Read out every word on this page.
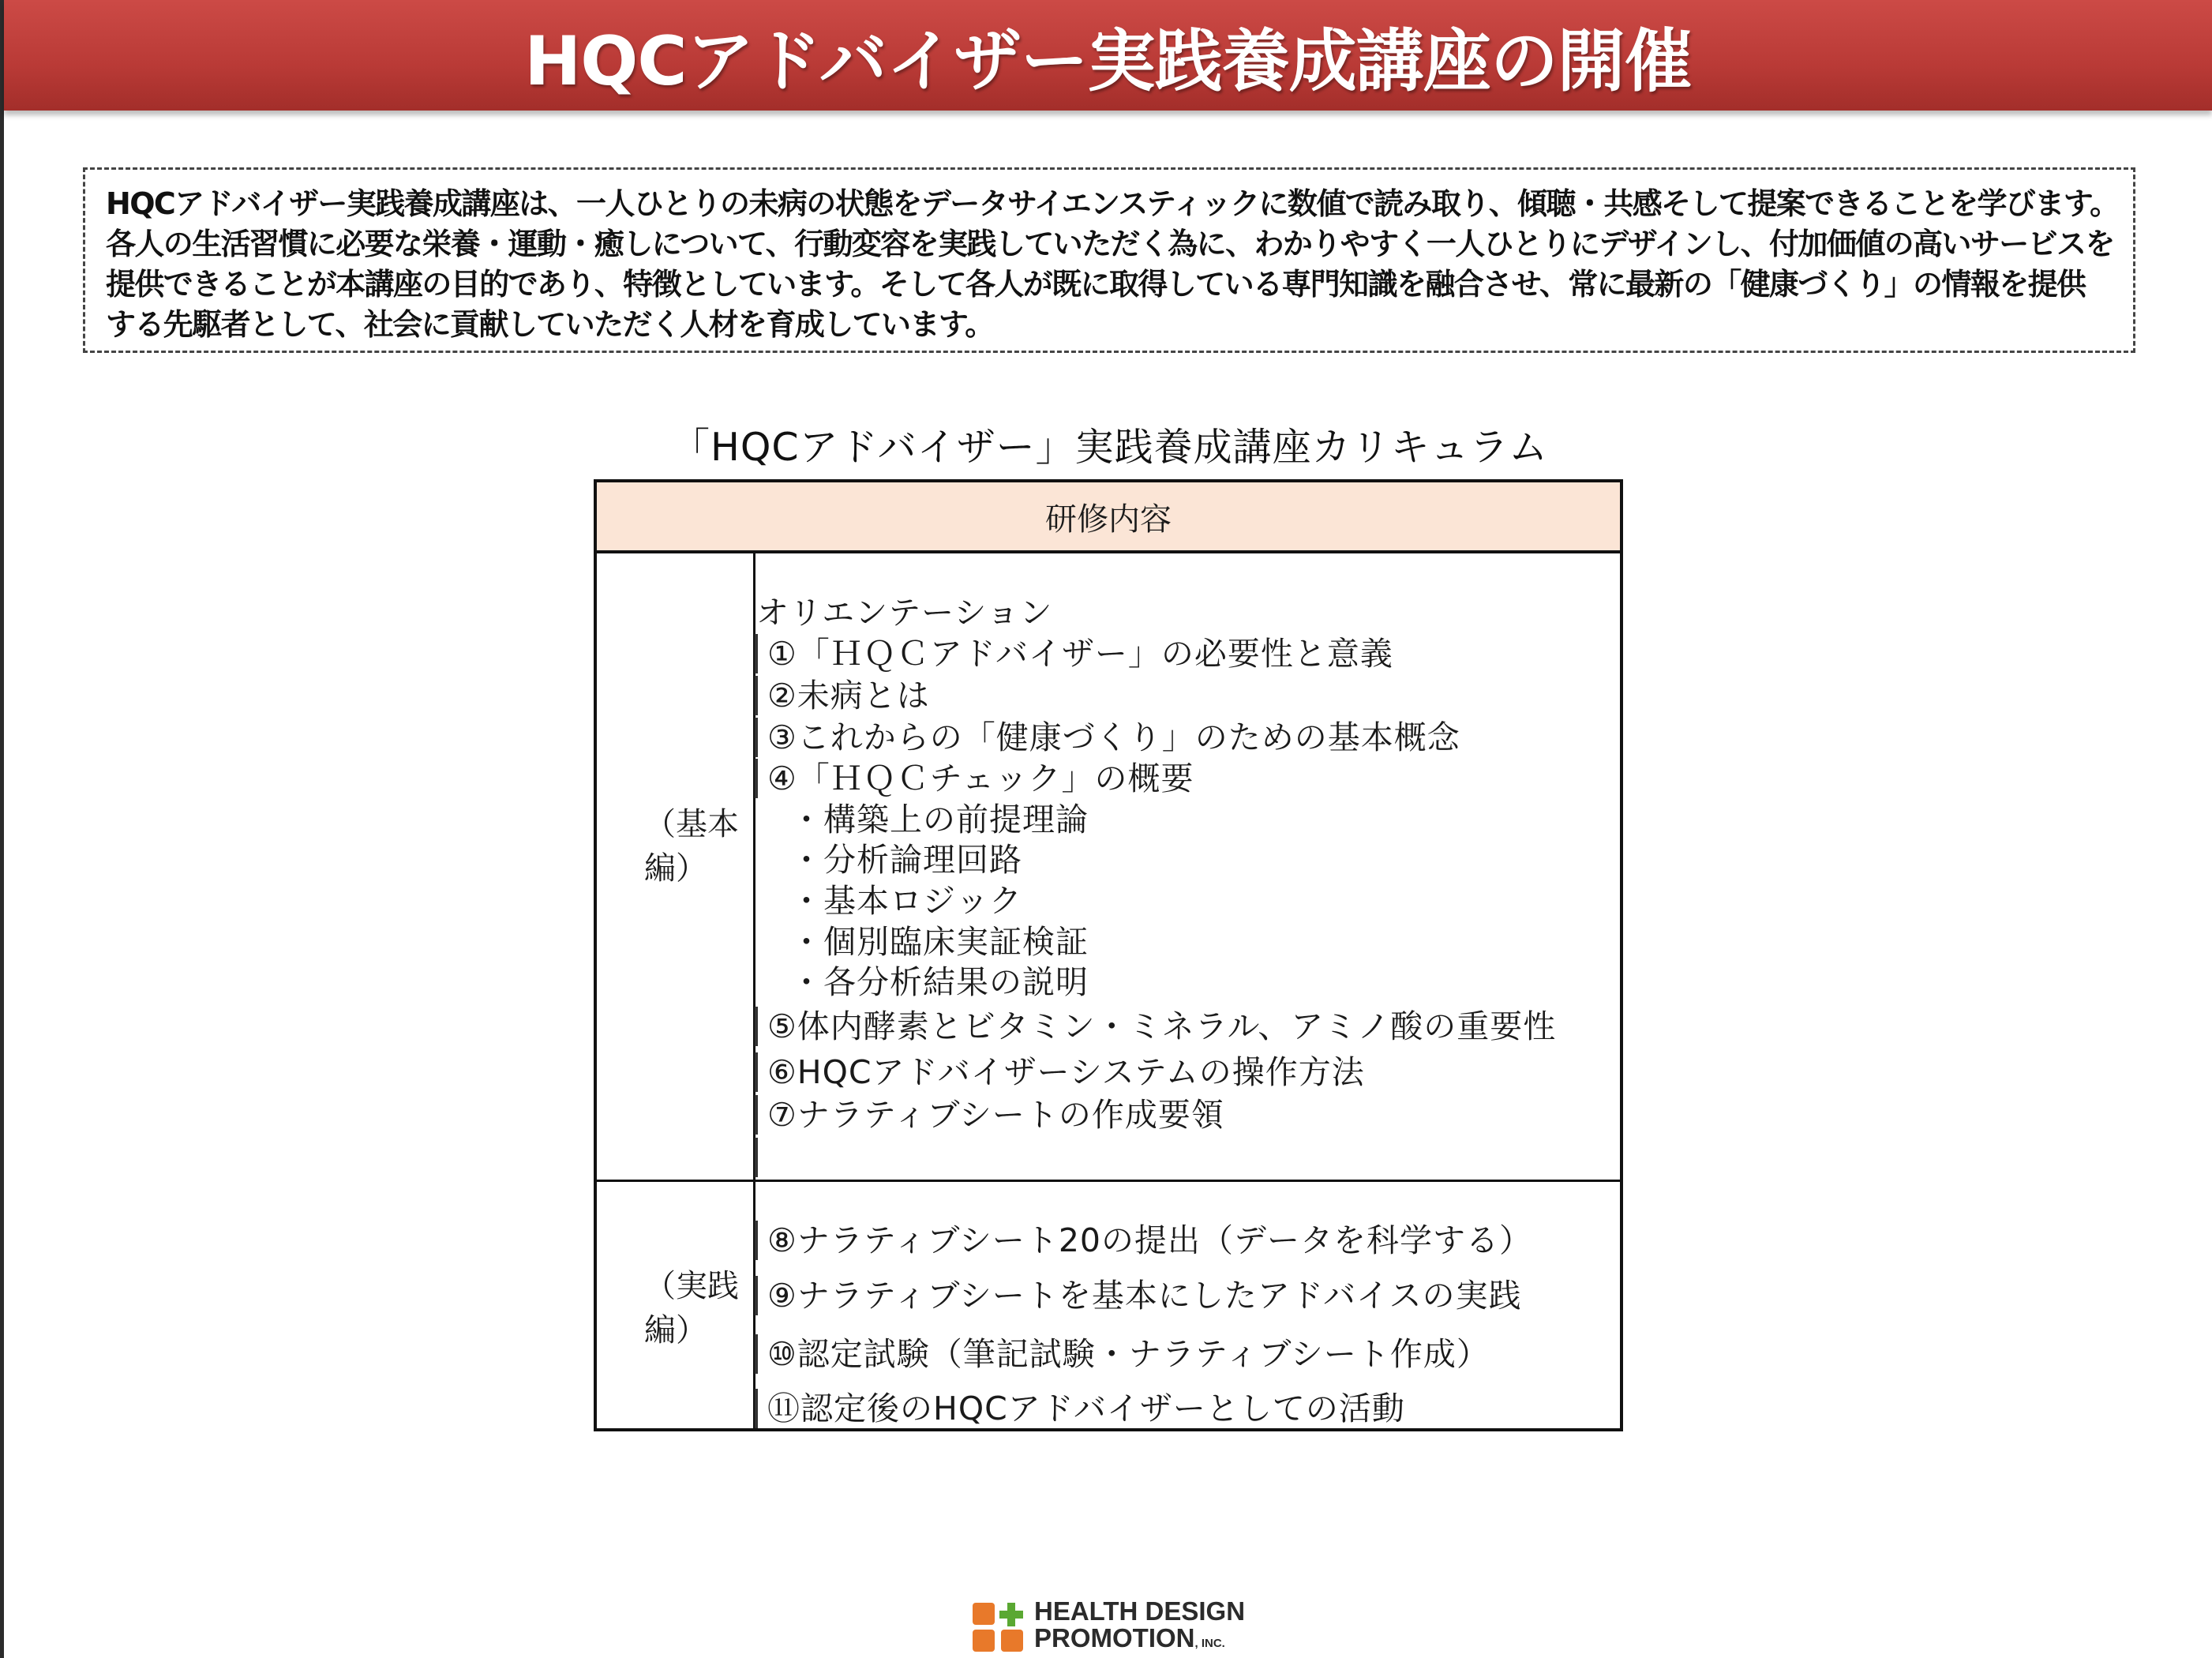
HQCアドバイザー実践養成講座の開催

HQCアドバイザー実践養成講座は、一人ひとりの未病の状態をデータサイエンスティックに数値で読み取り、傾聴・共感そして提案できることを学びます。

各人の生活習慣に必要な栄養・運動・癒しについて、行動変容を実践していただく為に、わかりやすく一人ひとりにデザインし、付加価値の高いサービスを

提供できることが本講座の目的であり、特徴としています。そして各人が既に取得している専門知識を融合させ、常に最新の「健康づくり」の情報を提供

する先駆者として、社会に貢献していただく人材を育成しています。

「HQCアドバイザー」実践養成講座カリキュラム
研修内容
（基本
編）
オリエンテーション
①「ＨＱＣアドバイザー」の必要性と意義
②未病とは
③これからの「健康づくり」のための基本概念
④「ＨＱＣチェック」の概要
・構築上の前提理論
・分析論理回路
・基本ロジック
・個別臨床実証検証
・各分析結果の説明
⑤体内酵素とビタミン・ミネラル、アミノ酸の重要性
⑥HQCアドバイザーシステムの操作方法
⑦ナラティブシートの作成要領
（実践
編）
⑧ナラティブシート20の提出（データを科学する）
⑨ナラティブシートを基本にしたアドバイスの実践
⑩認定試験（筆記試験・ナラティブシート作成）
⑪認定後のHQCアドバイザーとしての活動
HEALTH DESIGN
PROMOTION, INC.
